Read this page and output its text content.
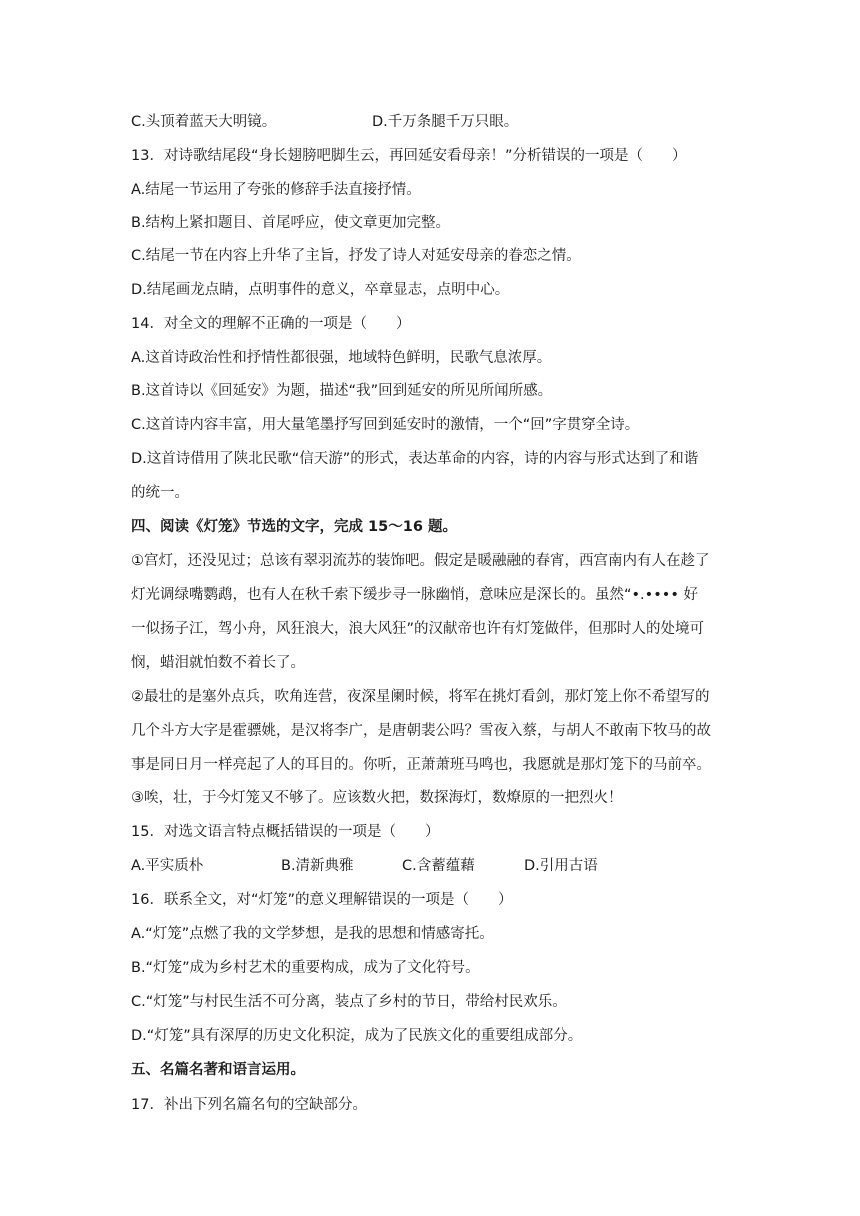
C.头顶着蓝天大明镜。	D.千万条腿千万只眼。
13．对诗歌结尾段“身长翅膀吧脚生云，再回延安看母亲！”分析错误的一项是（　　）
A.结尾一节运用了夸张的修辞手法直接抒情。
B.结构上紧扣题目、首尾呼应，使文章更加完整。
C.结尾一节在内容上升华了主旨，抒发了诗人对延安母亲的眷恋之情。
D.结尾画龙点睛，点明事件的意义，卒章显志，点明中心。
14．对全文的理解不正确的一项是（　　）
A.这首诗政治性和抒情性都很强，地域特色鲜明，民歌气息浓厚。
B.这首诗以《回延安》为题，描述“我”回到延安的所见所闻所感。
C.这首诗内容丰富，用大量笔墨抒写回到延安时的激情，一个“回”字贯穿全诗。
D.这首诗借用了陕北民歌“信天游”的形式，表达革命的内容，诗的内容与形式达到了和谐
的统一。
四、阅读《灯笼》节选的文字，完成 15～16 题。
①宫灯，还没见过；总该有翠羽流苏的装饰吧。假定是暖融融的春宵，西宫南内有人在趁了
灯光调绿嘴鹦鹉，也有人在秋千索下缓步寻一脉幽悄，意味应是深长的。虽然“•.•••• 好
一似扬子江，驾小舟，风狂浪大，浪大风狂”的汉献帝也许有灯笼做伴，但那时人的处境可
悯，蜡泪就怕数不着长了。
②最壮的是塞外点兵，吹角连营，夜深星阑时候，将军在挑灯看剑，那灯笼上你不希望写的
几个斗方大字是霍骠姚，是汉将李广，是唐朝裴公吗？雪夜入蔡，与胡人不敢南下牧马的故
事是同日月一样亮起了人的耳目的。你听，正萧萧班马鸣也，我愿就是那灯笼下的马前卒。
③唉，壮，于今灯笼又不够了。应该数火把，数探海灯，数燎原的一把烈火！
15．对选文语言特点概括错误的一项是（　　）
A.平实质朴	B.清新典雅	C.含蓄蕴藉	D.引用古语
16．联系全文，对“灯笼”的意义理解错误的一项是（　　）
A.“灯笼”点燃了我的文学梦想，是我的思想和情感寄托。
B.“灯笼”成为乡村艺术的重要构成，成为了文化符号。
C.“灯笼”与村民生活不可分离，装点了乡村的节日，带给村民欢乐。
D.“灯笼”具有深厚的历史文化积淀，成为了民族文化的重要组成部分。
五、名篇名著和语言运用。
17．补出下列名篇名句的空缺部分。
